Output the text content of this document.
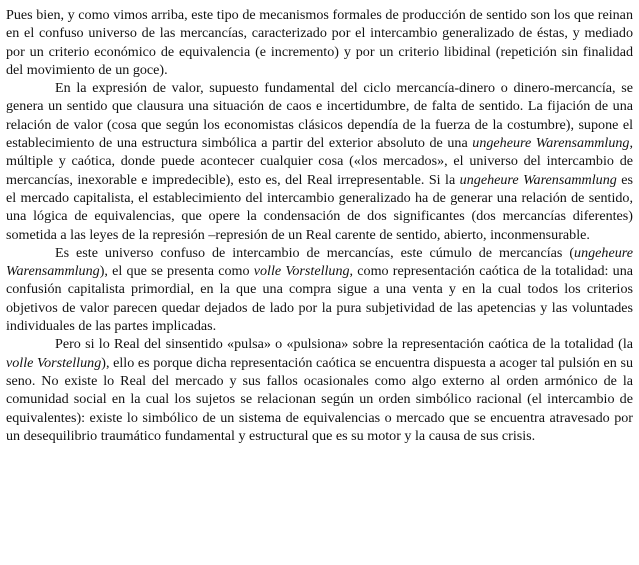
Pues bien, y como vimos arriba, este tipo de mecanismos formales de producción de sentido son los que reinan en el confuso universo de las mercancías, caracterizado por el intercambio generalizado de éstas, y mediado por un criterio económico de equivalencia (e incremento) y por un criterio libidinal (repetición sin finalidad del movimiento de un goce).

En la expresión de valor, supuesto fundamental del ciclo mercancía-dinero o dinero-mercancía, se genera un sentido que clausura una situación de caos e incertidumbre, de falta de sentido. La fijación de una relación de valor (cosa que según los economistas clásicos dependía de la fuerza de la costumbre), supone el establecimiento de una estructura simbólica a partir del exterior absoluto de una ungeheure Warensammlung, múltiple y caótica, donde puede acontecer cualquier cosa («los mercados», el universo del intercambio de mercancías, inexorable e impredecible), esto es, del Real irrepresentable. Si la ungeheure Warensammlung es el mercado capitalista, el establecimiento del intercambio generalizado ha de generar una relación de sentido, una lógica de equivalencias, que opere la condensación de dos significantes (dos mercancías diferentes) sometida a las leyes de la represión –represión de un Real carente de sentido, abierto, inconmensurable.

Es este universo confuso de intercambio de mercancías, este cúmulo de mercancías (ungeheure Warensammlung), el que se presenta como volle Vorstellung, como representación caótica de la totalidad: una confusión capitalista primordial, en la que una compra sigue a una venta y en la cual todos los criterios objetivos de valor parecen quedar dejados de lado por la pura subjetividad de las apetencias y las voluntades individuales de las partes implicadas.

Pero si lo Real del sinsentido «pulsa» o «pulsiona» sobre la representación caótica de la totalidad (la volle Vorstellung), ello es porque dicha representación caótica se encuentra dispuesta a acoger tal pulsión en su seno. No existe lo Real del mercado y sus fallos ocasionales como algo externo al orden armónico de la comunidad social en la cual los sujetos se relacionan según un orden simbólico racional (el intercambio de equivalentes): existe lo simbólico de un sistema de equivalencias o mercado que se encuentra atravesado por un desequilibrio traumático fundamental y estructural que es su motor y la causa de sus crisis.
